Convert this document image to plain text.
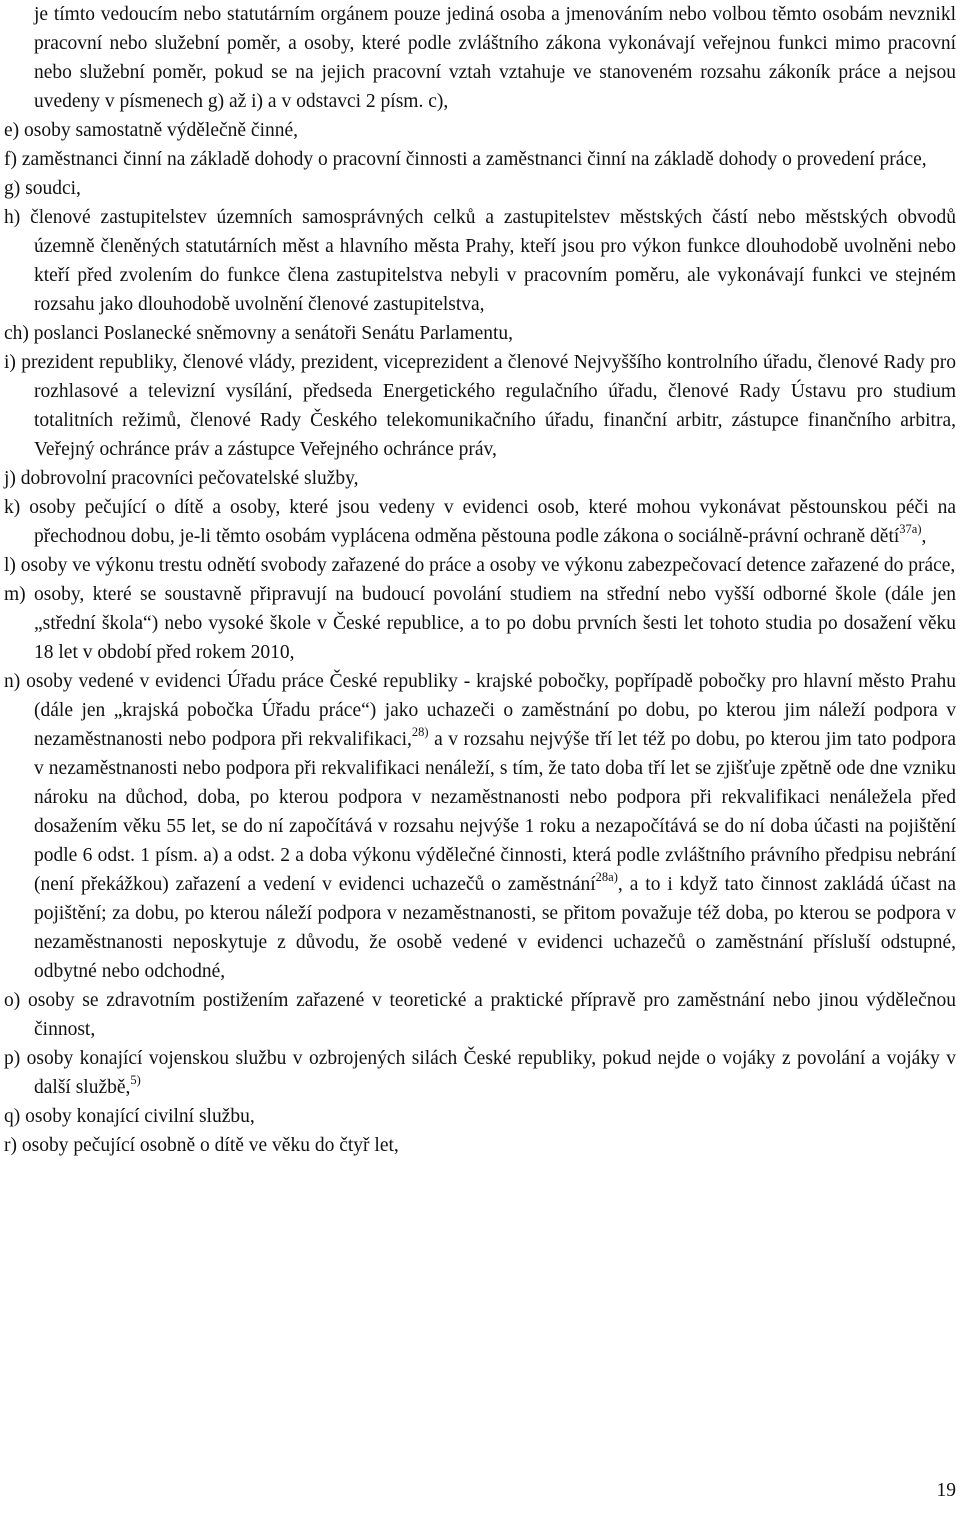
je tímto vedoucím nebo statutárním orgánem pouze jediná osoba a jmenováním nebo volbou těmto osobám nevznikl pracovní nebo služební poměr, a osoby, které podle zvláštního zákona vykonávají veřejnou funkci mimo pracovní nebo služební poměr, pokud se na jejich pracovní vztah vztahuje ve stanoveném rozsahu zákoník práce a nejsou uvedeny v písmenech g) až i) a v odstavci 2 písm. c),

e) osoby samostatně výdělečně činné,

f) zaměstnanci činní na základě dohody o pracovní činnosti a zaměstnanci činní na základě dohody o provedení práce,

g) soudci,

h) členové zastupitelstev územních samosprávných celků a zastupitelstev městských částí nebo městských obvodů územně členěných statutárních měst a hlavního města Prahy, kteří jsou pro výkon funkce dlouhodobě uvolněni nebo kteří před zvolením do funkce člena zastupitelstva nebyli v pracovním poměru, ale vykonávají funkci ve stejném rozsahu jako dlouhodobě uvolnění členové zastupitelstva,

ch) poslanci Poslanecké sněmovny a senátoři Senátu Parlamentu,

i) prezident republiky, členové vlády, prezident, viceprezident a členové Nejvyššího kontrolního úřadu, členové Rady pro rozhlasové a televizní vysílání, předseda Energetického regulačního úřadu, členové Rady Ústavu pro studium totalitních režimů, členové Rady Českého telekomunikačního úřadu, finanční arbitr, zástupce finančního arbitra, Veřejný ochránce práv a zástupce Veřejného ochránce práv,

j) dobrovolní pracovníci pečovatelské služby,

k) osoby pečující o dítě a osoby, které jsou vedeny v evidenci osob, které mohou vykonávat pěstounskou péči na přechodnou dobu, je-li těmto osobám vyplácena odměna pěstouna podle zákona o sociálně-právní ochraně dětí$^{37a)}$,

l) osoby ve výkonu trestu odnětí svobody zařazené do práce a osoby ve výkonu zabezpečovací detence zařazené do práce,

m) osoby, které se soustavně připravují na budoucí povolání studiem na střední nebo vyšší odborné škole (dále jen „střední škola“) nebo vysoké škole v České republice, a to po dobu prvních šesti let tohoto studia po dosažení věku 18 let v období před rokem 2010,

n) osoby vedené v evidenci Úřadu práce České republiky - krajské pobočky, popřípadě pobočky pro hlavní město Prahu (dále jen „krajská pobočka Úřadu práce“) jako uchazeči o zaměstnání po dobu, po kterou jim náleží podpora v nezaměstnanosti nebo podpora při rekvalifikaci,$^{28)}$ a v rozsahu nejvýše tří let též po dobu, po kterou jim tato podpora v nezaměstnanosti nebo podpora při rekvalifikaci nenáleží, s tím, že tato doba tří let se zjišťuje zpětně ode dne vzniku nároku na důchod, doba, po kterou podpora v nezaměstnanosti nebo podpora při rekvalifikaci nenáležela před dosažením věku 55 let, se do ní započítává v rozsahu nejvýše 1 roku a nezapočítává se do ní doba účasti na pojištění podle 6 odst. 1 písm. a) a odst. 2 a doba výkonu výdělečné činnosti, která podle zvláštního právního předpisu nebrání (není překážkou) zařazení a vedení v evidenci uchazečů o zaměstnání$^{28a)}$, a to i když tato činnost zakládá účast na pojištění; za dobu, po kterou náleží podpora v nezaměstnanosti, se přitom považuje též doba, po kterou se podpora v nezaměstnanosti neposkytuje z důvodu, že osobě vedené v evidenci uchazečů o zaměstnání přísluší odstupné, odbytné nebo odchodné,

o) osoby se zdravotním postižením zařazené v teoretické a praktické přípravě pro zaměstnání nebo jinou výdělečnou činnost,

p) osoby konající vojenskou službu v ozbrojených silách České republiky, pokud nejde o vojáky z povolání a vojáky v další službě,$^{5)}$

q) osoby konající civilní službu,

r) osoby pečující osobně o dítě ve věku do čtyř let,

19
